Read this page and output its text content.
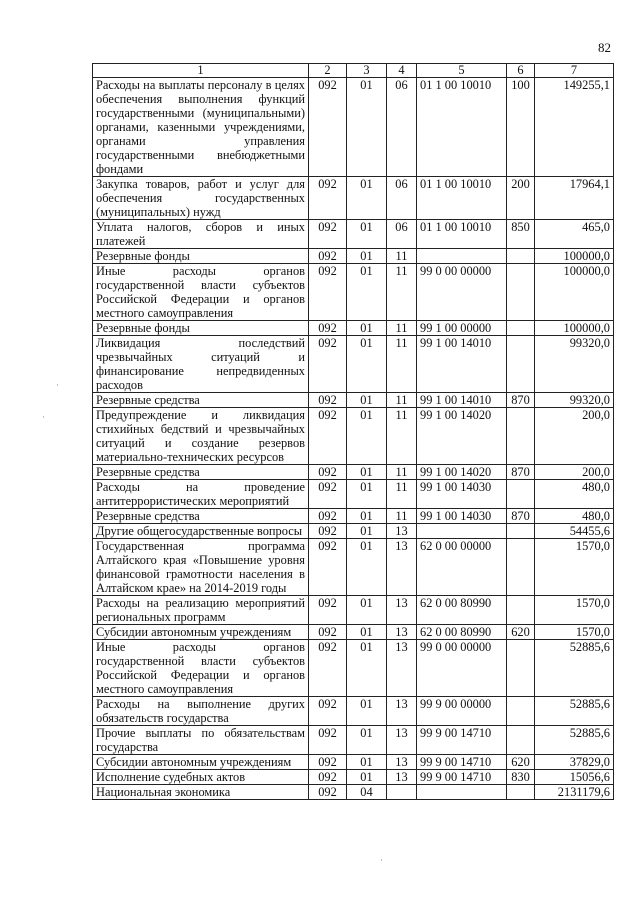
82
·
·
·
1	2	3	4	5	6	7
Расходы на выплаты персоналу в целях обеспечения выполнения функций государственными (муниципальными) органами, казенными учреждениями, органами управления государственными внебюджетными фондами	092	01	06	01 1 00 10010	100	149255,1
Закупка товаров, работ и услуг для обеспечения государственных (муниципальных) нужд	092	01	06	01 1 00 10010	200	17964,1
Уплата налогов, сборов и иных платежей	092	01	06	01 1 00 10010	850	465,0
Резервные фонды	092	01	11			100000,0
Иные расходы органов государственной власти субъектов Российской Федерации и органов местного самоуправления	092	01	11	99 0 00 00000		100000,0
Резервные фонды	092	01	11	99 1 00 00000		100000,0
Ликвидация последствий чрезвычайных ситуаций и финансирование непредвиденных расходов	092	01	11	99 1 00 14010		99320,0
Резервные средства	092	01	11	99 1 00 14010	870	99320,0
Предупреждение и ликвидация стихийных бедствий и чрезвычайных ситуаций и создание резервов материально-технических ресурсов	092	01	11	99 1 00 14020		200,0
Резервные средства	092	01	11	99 1 00 14020	870	200,0
Расходы на проведение антитеррористических мероприятий	092	01	11	99 1 00 14030		480,0
Резервные средства	092	01	11	99 1 00 14030	870	480,0
Другие общегосударственные вопросы	092	01	13			54455,6
Государственная программа Алтайского края «Повышение уровня финансовой грамотности населения в Алтайском крае» на 2014-2019 годы	092	01	13	62 0 00 00000		1570,0
Расходы на реализацию мероприятий региональных программ	092	01	13	62 0 00 80990		1570,0
Субсидии автономным учреждениям	092	01	13	62 0 00 80990	620	1570,0
Иные расходы органов государственной власти субъектов Российской Федерации и органов местного самоуправления	092	01	13	99 0 00 00000		52885,6
Расходы на выполнение других обязательств государства	092	01	13	99 9 00 00000		52885,6
Прочие выплаты по обязательствам государства	092	01	13	99 9 00 14710		52885,6
Субсидии автономным учреждениям	092	01	13	99 9 00 14710	620	37829,0
Исполнение судебных актов	092	01	13	99 9 00 14710	830	15056,6
Национальная экономика	092	04				2131179,6
